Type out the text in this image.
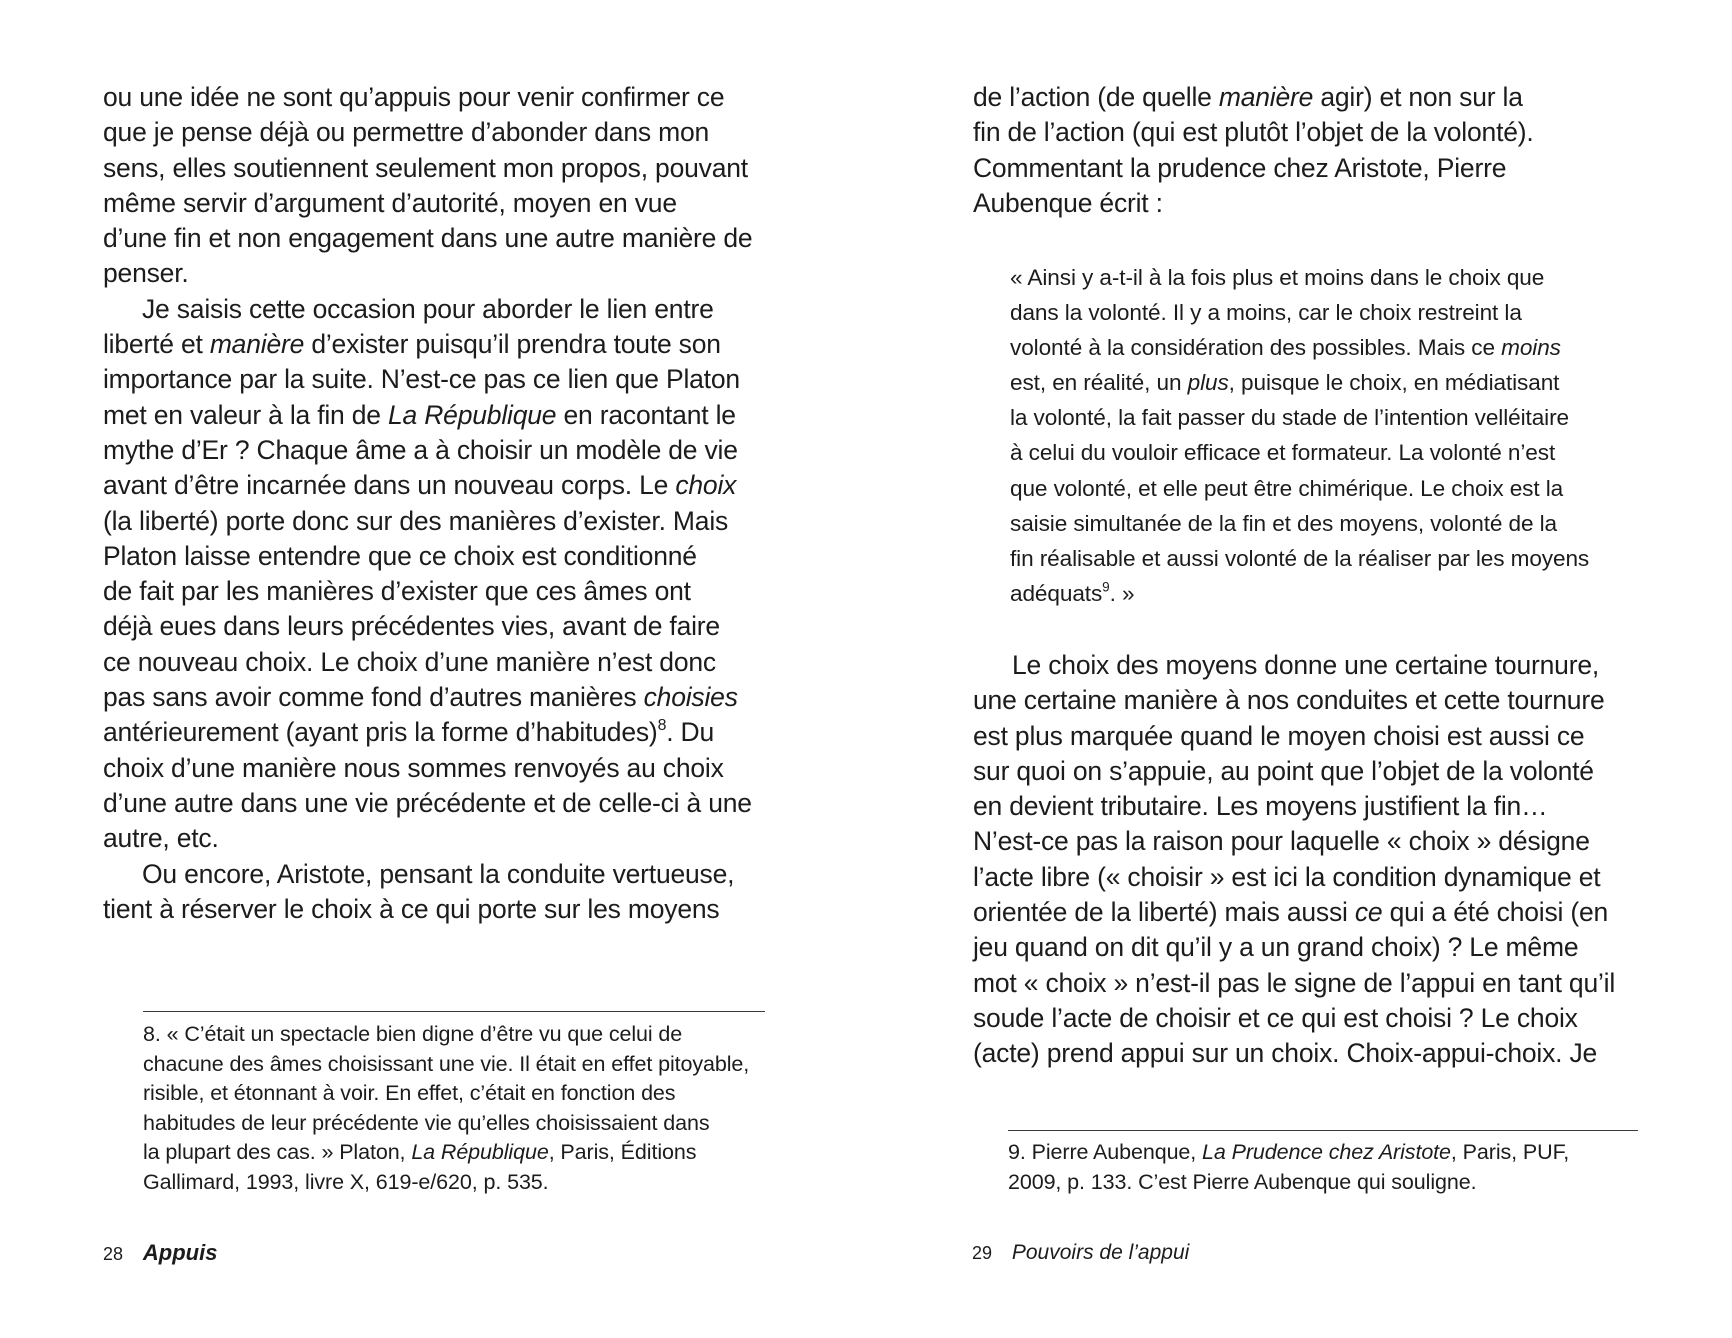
ou une idée ne sont qu’appuis pour venir confirmer ce
que je pense déjà ou permettre d’abonder dans mon
sens, elles soutiennent seulement mon propos, pouvant
même servir d’argument d’autorité, moyen en vue
d’une fin et non engagement dans une autre manière de
penser.
Je saisis cette occasion pour aborder le lien entre
liberté et manière d’exister puisqu’il prendra toute son
importance par la suite. N’est-ce pas ce lien que Platon
met en valeur à la fin de La République en racontant le
mythe d’Er ? Chaque âme a à choisir un modèle de vie
avant d’être incarnée dans un nouveau corps. Le choix
(la liberté) porte donc sur des manières d’exister. Mais
Platon laisse entendre que ce choix est conditionné
de fait par les manières d’exister que ces âmes ont
déjà eues dans leurs précédentes vies, avant de faire
ce nouveau choix. Le choix d’une manière n’est donc
pas sans avoir comme fond d’autres manières choisies
antérieurement (ayant pris la forme d’habitudes)$^8$. Du
choix d’une manière nous sommes renvoyés au choix
d’une autre dans une vie précédente et de celle-ci à une
autre, etc.
Ou encore, Aristote, pensant la conduite vertueuse,
tient à réserver le choix à ce qui porte sur les moyens
8. « C’était un spectacle bien digne d’être vu que celui de
chacune des âmes choisissant une vie. Il était en effet pitoyable,
risible, et étonnant à voir. En effet, c’était en fonction des
habitudes de leur précédente vie qu’elles choisissaient dans
la plupart des cas. » Platon, La République, Paris, Éditions
Gallimard, 1993, livre X, 619-e/620, p. 535.
28 Appuis
de l’action (de quelle manière agir) et non sur la
fin de l’action (qui est plutôt l’objet de la volonté).
Commentant la prudence chez Aristote, Pierre
Aubenque écrit :
« Ainsi y a-t-il à la fois plus et moins dans le choix que
dans la volonté. Il y a moins, car le choix restreint la
volonté à la considération des possibles. Mais ce moins
est, en réalité, un plus, puisque le choix, en médiatisant
la volonté, la fait passer du stade de l’intention velléitaire
à celui du vouloir efficace et formateur. La volonté n’est
que volonté, et elle peut être chimérique. Le choix est la
saisie simultanée de la fin et des moyens, volonté de la
fin réalisable et aussi volonté de la réaliser par les moyens
adéquats$^9$. »
Le choix des moyens donne une certaine tournure,
une certaine manière à nos conduites et cette tournure
est plus marquée quand le moyen choisi est aussi ce
sur quoi on s’appuie, au point que l’objet de la volonté
en devient tributaire. Les moyens justifient la fin…
N’est-ce pas la raison pour laquelle « choix » désigne
l’acte libre (« choisir » est ici la condition dynamique et
orientée de la liberté) mais aussi ce qui a été choisi (en
jeu quand on dit qu’il y a un grand choix) ? Le même
mot « choix » n’est-il pas le signe de l’appui en tant qu’il
soude l’acte de choisir et ce qui est choisi ? Le choix
(acte) prend appui sur un choix. Choix-appui-choix. Je
9. Pierre Aubenque, La Prudence chez Aristote, Paris, PUF,
2009, p. 133. C’est Pierre Aubenque qui souligne.
29 Pouvoirs de l’appui
